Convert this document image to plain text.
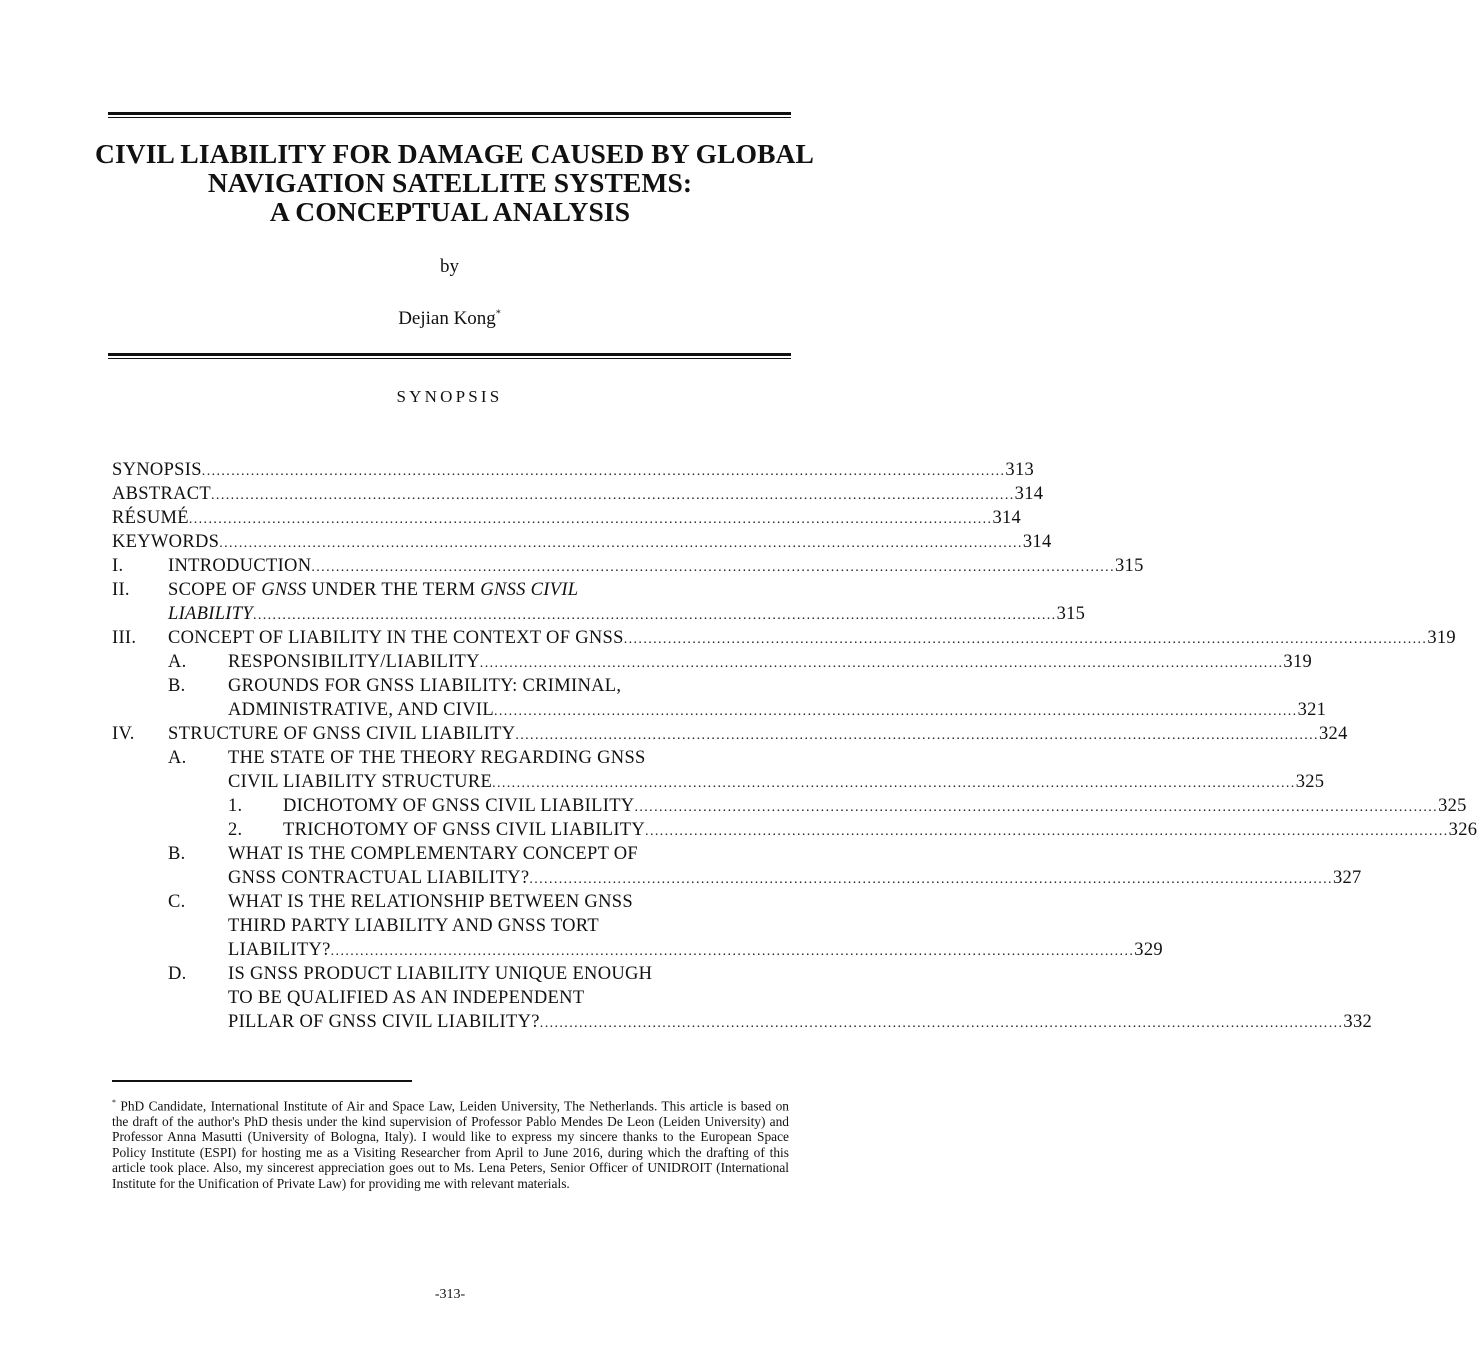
CIVIL LIABILITY FOR DAMAGE CAUSED BY GLOBAL
NAVIGATION SATELLITE SYSTEMS:
A CONCEPTUAL ANALYSIS
by
Dejian Kong*
SYNOPSIS
SYNOPSIS .................................................................................................................................................................... 313
ABSTRACT .................................................................................................................................................................... 314
RÉSUMÉ .................................................................................................................................................................... 314
KEYWORDS .................................................................................................................................................................... 314
I. INTRODUCTION .................................................................................................................................................................... 315
II. SCOPE OF GNSS UNDER THE TERM GNSS CIVIL
LIABILITY .................................................................................................................................................................... 315
III. CONCEPT OF LIABILITY IN THE CONTEXT OF GNSS .................................................................................................................................................................... 319
A. RESPONSIBILITY/LIABILITY .................................................................................................................................................................... 319
B. GROUNDS FOR GNSS LIABILITY: CRIMINAL,
ADMINISTRATIVE, AND CIVIL .................................................................................................................................................................... 321
IV. STRUCTURE OF GNSS CIVIL LIABILITY .................................................................................................................................................................... 324
A. THE STATE OF THE THEORY REGARDING GNSS
CIVIL LIABILITY STRUCTURE .................................................................................................................................................................... 325
1. DICHOTOMY OF GNSS CIVIL LIABILITY .................................................................................................................................................................... 325
2. TRICHOTOMY OF GNSS CIVIL LIABILITY .................................................................................................................................................................... 326
B. WHAT IS THE COMPLEMENTARY CONCEPT OF
GNSS CONTRACTUAL LIABILITY? .................................................................................................................................................................... 327
C. WHAT IS THE RELATIONSHIP BETWEEN GNSS
THIRD PARTY LIABILITY AND GNSS TORT
LIABILITY? .................................................................................................................................................................... 329
D. IS GNSS PRODUCT LIABILITY UNIQUE ENOUGH
TO BE QUALIFIED AS AN INDEPENDENT
PILLAR OF GNSS CIVIL LIABILITY? .................................................................................................................................................................... 332
* PhD Candidate, International Institute of Air and Space Law, Leiden University, The Netherlands. This article is based on the draft of the author's PhD thesis under the kind supervision of Professor Pablo Mendes De Leon (Leiden University) and Professor Anna Masutti (University of Bologna, Italy). I would like to express my sincere thanks to the European Space Policy Institute (ESPI) for hosting me as a Visiting Researcher from April to June 2016, during which the drafting of this article took place. Also, my sincerest appreciation goes out to Ms. Lena Peters, Senior Officer of UNIDROIT (International Institute for the Unification of Private Law) for providing me with relevant materials.
-313-
